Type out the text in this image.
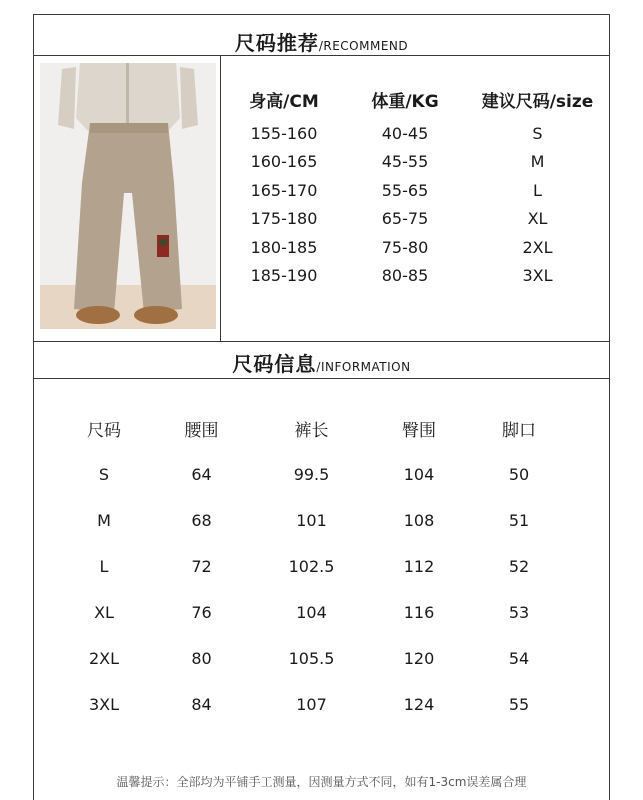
尺码推荐/RECOMMEND
身高/CM	体重/KG	建议尺码/size
155-160	40-45	S
160-165	45-55	M
165-170	55-65	L
175-180	65-75	XL
180-185	75-80	2XL
185-190	80-85	3XL
尺码信息/INFORMATION
尺码	腰围	裤长	臀围	脚口
S	64	99.5	104	50
M	68	101	108	51
L	72	102.5	112	52
XL	76	104	116	53
2XL	80	105.5	120	54
3XL	84	107	124	55
温馨提示：全部均为平铺手工测量，因测量方式不同，如有1-3cm误差属合理
